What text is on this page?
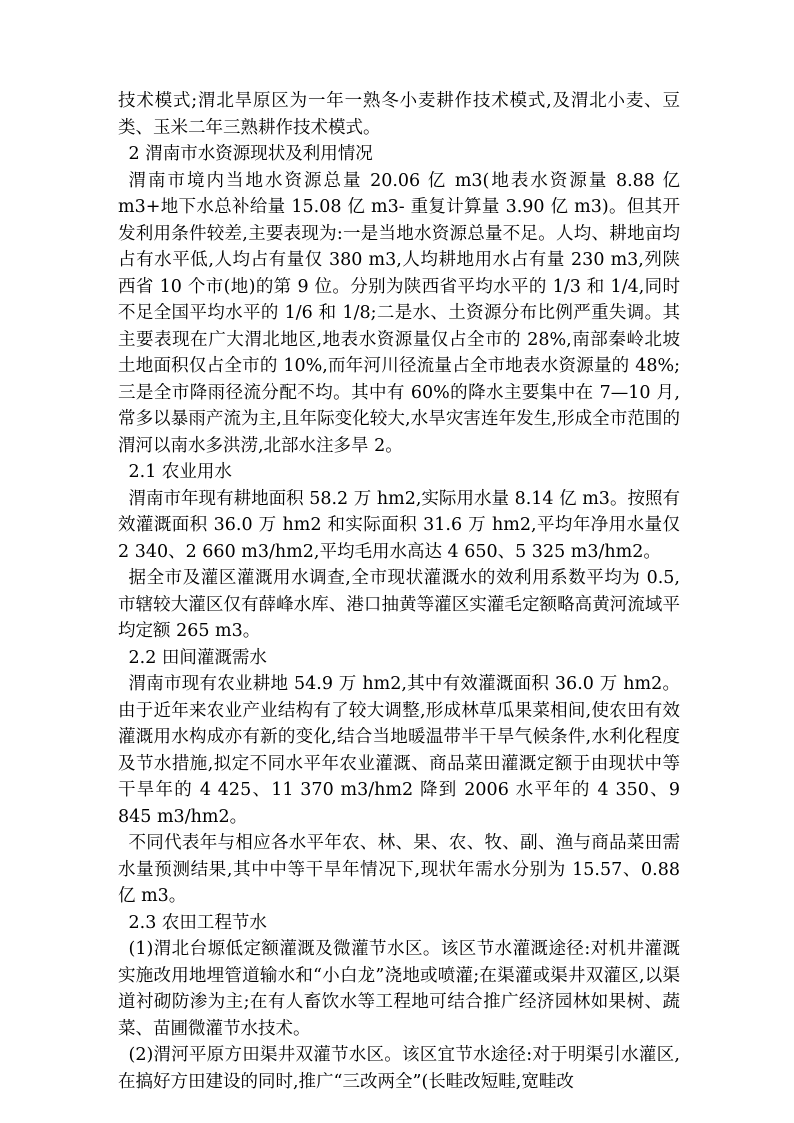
技术模式;渭北旱原区为一年一熟冬小麦耕作技术模式,及渭北小麦、豆类、玉米二年三熟耕作技术模式。

2 渭南市水资源现状及利用情况

渭南市境内当地水资源总量 20.06 亿 m3(地表水资源量 8.88 亿 m3+地下水总补给量 15.08 亿 m3- 重复计算量 3.90 亿 m3)。但其开发利用条件较差,主要表现为:一是当地水资源总量不足。人均、耕地亩均占有水平低,人均占有量仅 380 m3,人均耕地用水占有量 230 m3,列陕西省 10 个市(地)的第 9 位。分别为陕西省平均水平的 1/3 和 1/4,同时不足全国平均水平的 1/6 和 1/8;二是水、土资源分布比例严重失调。其主要表现在广大渭北地区,地表水资源量仅占全市的 28%,南部秦岭北坡土地面积仅占全市的 10%,而年河川径流量占全市地表水资源量的 48%;三是全市降雨径流分配不均。其中有 60%的降水主要集中在 7—10 月,常多以暴雨产流为主,且年际变化较大,水旱灾害连年发生,形成全市范围的渭河以南水多洪涝,北部水注多旱 2。

2.1 农业用水

渭南市年现有耕地面积 58.2 万 hm2,实际用水量 8.14 亿 m3。按照有效灌溉面积 36.0 万 hm2 和实际面积 31.6 万 hm2,平均年净用水量仅 2 340、2 660 m3/hm2,平均毛用水高达 4 650、5 325 m3/hm2。

据全市及灌区灌溉用水调查,全市现状灌溉水的效利用系数平均为 0.5,市辖较大灌区仅有薛峰水库、港口抽黄等灌区实灌毛定额略高黄河流域平均定额 265 m3。

2.2 田间灌溉需水

渭南市现有农业耕地 54.9 万 hm2,其中有效灌溉面积 36.0 万 hm2。由于近年来农业产业结构有了较大调整,形成林草瓜果菜相间,使农田有效灌溉用水构成亦有新的变化,结合当地暖温带半干旱气候条件,水利化程度及节水措施,拟定不同水平年农业灌溉、商品菜田灌溉定额于由现状中等干旱年的 4 425、11 370 m3/hm2 降到 2006 水平年的 4 350、9 845 m3/hm2。

不同代表年与相应各水平年农、林、果、农、牧、副、渔与商品菜田需水量预测结果,其中中等干旱年情况下,现状年需水分别为 15.57、0.88 亿 m3。

2.3 农田工程节水

(1)渭北台塬低定额灌溉及微灌节水区。该区节水灌溉途径:对机井灌溉实施改用地埋管道输水和“小白龙”浇地或喷灌;在渠灌或渠井双灌区,以渠道衬砌防渗为主;在有人畜饮水等工程地可结合推广经济园林如果树、蔬菜、苗圃微灌节水技术。

(2)渭河平原方田渠井双灌节水区。该区宜节水途径:对于明渠引水灌区,在搞好方田建设的同时,推广“三改两全”(长畦改短畦,宽畦改
